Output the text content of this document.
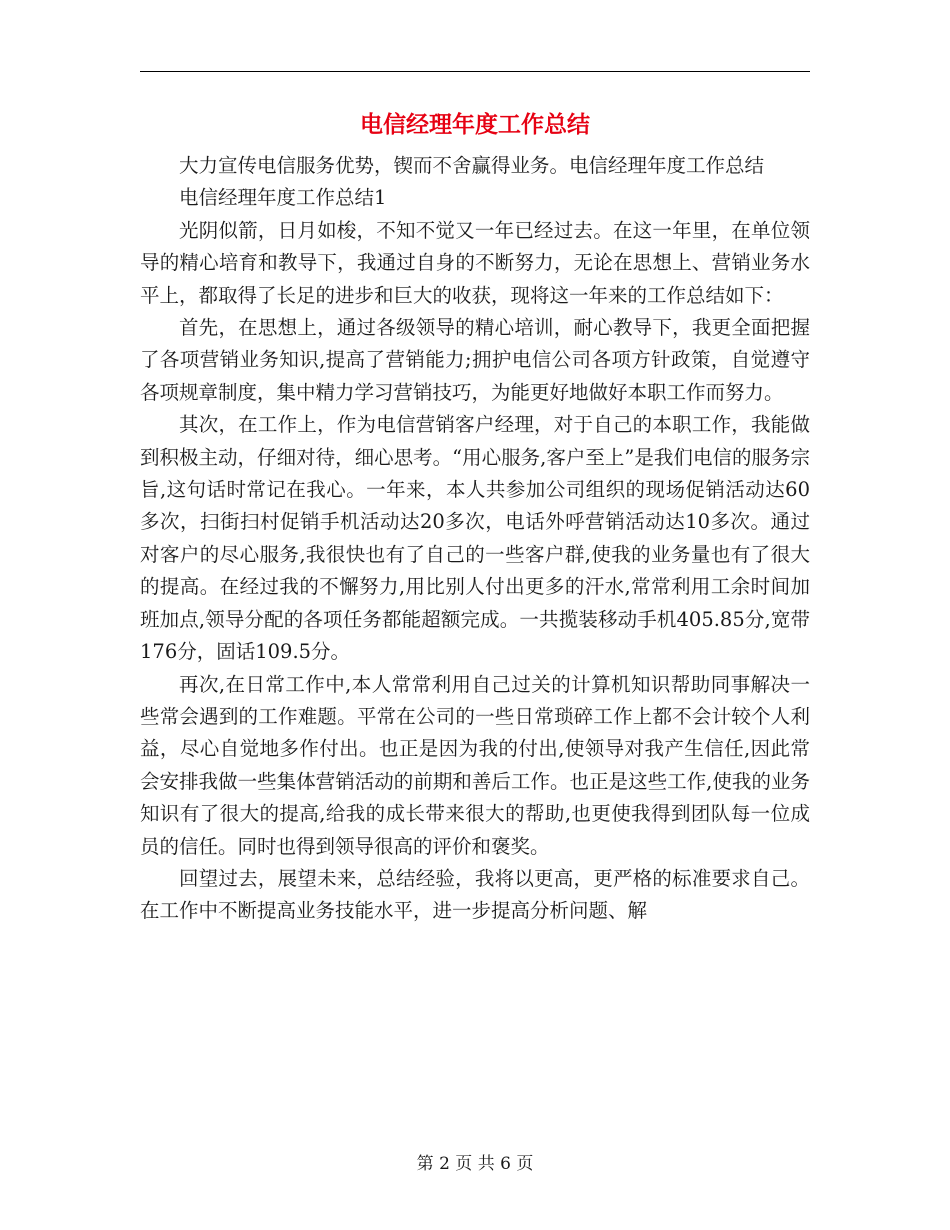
电信经理年度工作总结

大力宣传电信服务优势，锲而不舍赢得业务。电信经理年度工作总结

电信经理年度工作总结1

光阴似箭，日月如梭，不知不觉又一年已经过去。在这一年里，在单位领导的精心培育和教导下，我通过自身的不断努力，无论在思想上、营销业务水平上，都取得了长足的进步和巨大的收获，现将这一年来的工作总结如下：

首先，在思想上，通过各级领导的精心培训，耐心教导下，我更全面把握了各项营销业务知识,提高了营销能力;拥护电信公司各项方针政策，自觉遵守各项规章制度，集中精力学习营销技巧，为能更好地做好本职工作而努力。

其次，在工作上，作为电信营销客户经理，对于自己的本职工作，我能做到积极主动，仔细对待，细心思考。“用心服务,客户至上”是我们电信的服务宗旨,这句话时常记在我心。一年来，本人共参加公司组织的现场促销活动达60多次，扫街扫村促销手机活动达20多次，电话外呼营销活动达10多次。通过对客户的尽心服务,我很快也有了自己的一些客户群,使我的业务量也有了很大的提高。在经过我的不懈努力,用比别人付出更多的汗水,常常利用工余时间加班加点,领导分配的各项任务都能超额完成。一共揽装移动手机405.85分,宽带176分，固话109.5分。

再次,在日常工作中,本人常常利用自己过关的计算机知识帮助同事解决一些常会遇到的工作难题。平常在公司的一些日常琐碎工作上都不会计较个人利益，尽心自觉地多作付出。也正是因为我的付出,使领导对我产生信任,因此常会安排我做一些集体营销活动的前期和善后工作。也正是这些工作,使我的业务知识有了很大的提高,给我的成长带来很大的帮助,也更使我得到团队每一位成员的信任。同时也得到领导很高的评价和褒奖。

回望过去，展望未来，总结经验，我将以更高，更严格的标准要求自己。在工作中不断提高业务技能水平，进一步提高分析问题、解

第 2 页 共 6 页
